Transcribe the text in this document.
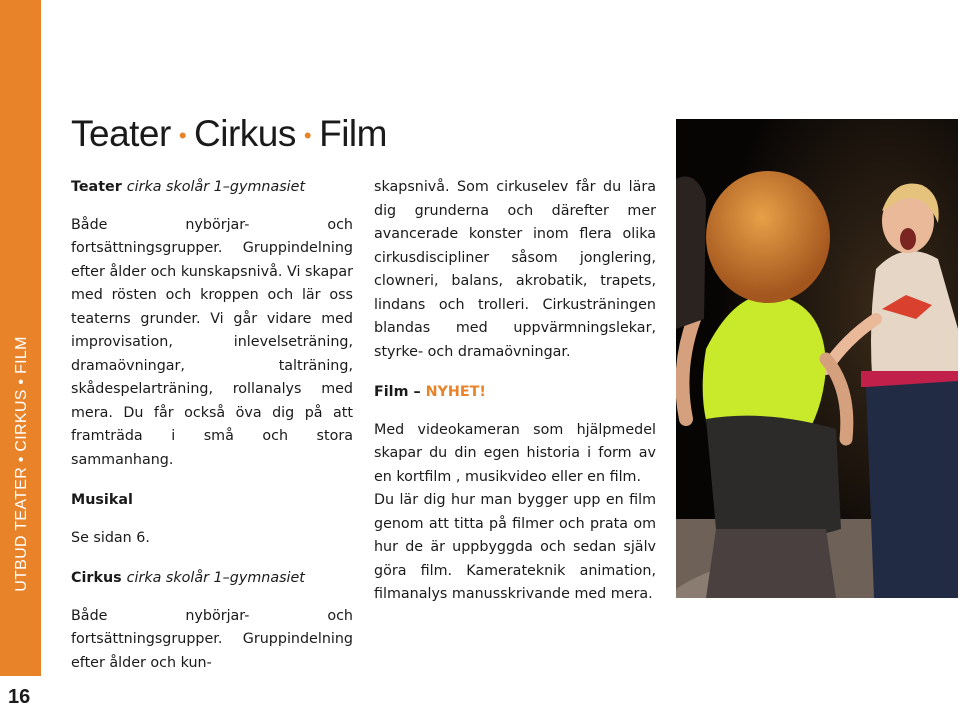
UTBUD TEATER • CIRKUS • FILM
16
Teater • Cirkus • Film

Teater cirka skolår 1–gymnasiet

Både nybörjar- och fortsättningsgrupper. Gruppindelning efter ålder och kunskapsnivå. Vi skapar med rösten och kroppen och lär oss teaterns grunder. Vi går vidare med improvisation, inlevelseträning, dramaövningar, talträning, skådespelarträning, rollanalys med mera. Du får också öva dig på att framträda i små och stora sammanhang.

Musikal

Se sidan 6.

Cirkus cirka skolår 1–gymnasiet

Både nybörjar- och fortsättningsgrupper. Gruppindelning efter ålder och kun-

skapsnivå. Som cirkuselev får du lära dig grunderna och därefter mer avancerade konster inom flera olika cirkusdiscipliner såsom jonglering, clowneri, balans, akrobatik, trapets, lindans och trolleri. Cirkusträningen blandas med uppvärmningslekar, styrke- och dramaövningar.

Film – NYHET!

Med videokameran som hjälpmedel skapar du din egen historia i form av en kortfilm , musikvideo eller en film.

Du lär dig hur man bygger upp en film genom att titta på filmer och prata om hur de är uppbyggda och sedan själv göra film. Kamerateknik animation, filmanalys manusskrivande med mera.
